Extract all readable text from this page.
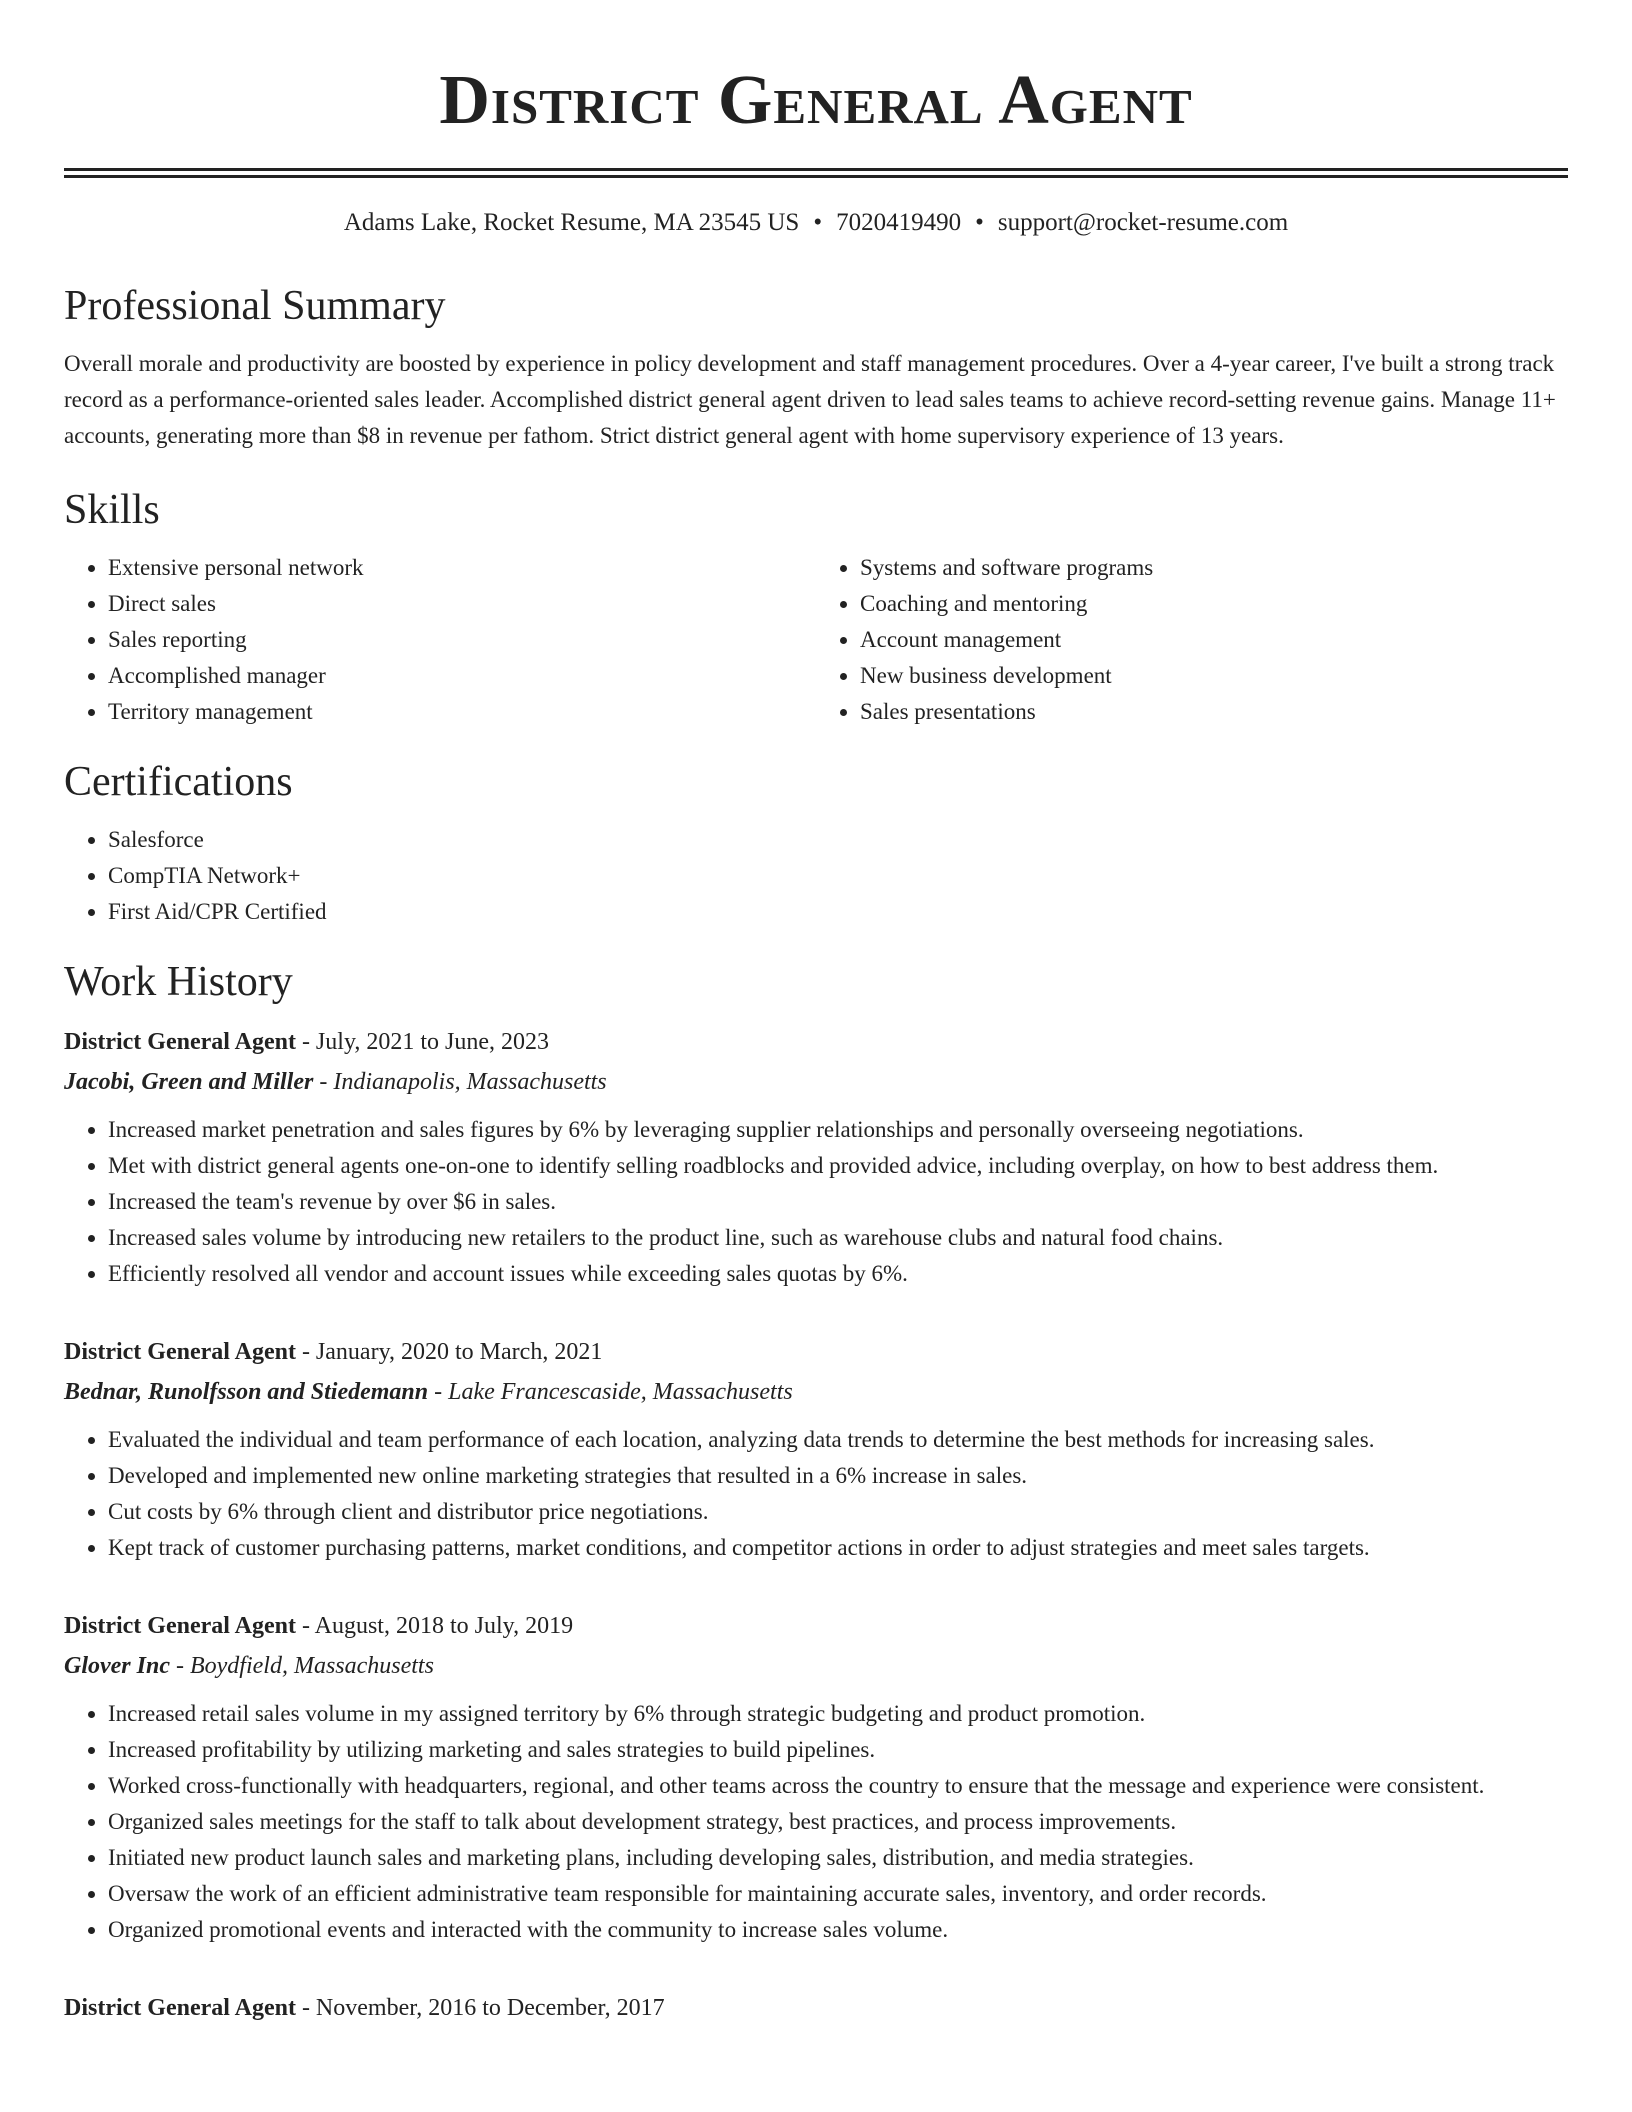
District General Agent
Adams Lake, Rocket Resume, MA 23545 US • 7020419490 • support@rocket-resume.com
Professional Summary

Overall morale and productivity are boosted by experience in policy development and staff management procedures. Over a 4-year career, I've built a strong track record as a performance-oriented sales leader. Accomplished district general agent driven to lead sales teams to achieve record-setting revenue gains. Manage 11+ accounts, generating more than $8 in revenue per fathom. Strict district general agent with home supervisory experience of 13 years.

Skills
• Extensive personal network
• Direct sales
• Sales reporting
• Accomplished manager
• Territory management
• Systems and software programs
• Coaching and mentoring
• Account management
• New business development
• Sales presentations
Certifications
• Salesforce
• CompTIA Network+
• First Aid/CPR Certified
Work History
District General Agent - July, 2021 to June, 2023
Jacobi, Green and Miller - Indianapolis, Massachusetts
• Increased market penetration and sales figures by 6% by leveraging supplier relationships and personally overseeing negotiations.
• Met with district general agents one-on-one to identify selling roadblocks and provided advice, including overplay, on how to best address them.
• Increased the team's revenue by over $6 in sales.
• Increased sales volume by introducing new retailers to the product line, such as warehouse clubs and natural food chains.
• Efficiently resolved all vendor and account issues while exceeding sales quotas by 6%.
District General Agent - January, 2020 to March, 2021
Bednar, Runolfsson and Stiedemann - Lake Francescaside, Massachusetts
• Evaluated the individual and team performance of each location, analyzing data trends to determine the best methods for increasing sales.
• Developed and implemented new online marketing strategies that resulted in a 6% increase in sales.
• Cut costs by 6% through client and distributor price negotiations.
• Kept track of customer purchasing patterns, market conditions, and competitor actions in order to adjust strategies and meet sales targets.
District General Agent - August, 2018 to July, 2019
Glover Inc - Boydfield, Massachusetts
• Increased retail sales volume in my assigned territory by 6% through strategic budgeting and product promotion.
• Increased profitability by utilizing marketing and sales strategies to build pipelines.
• Worked cross-functionally with headquarters, regional, and other teams across the country to ensure that the message and experience were consistent.
• Organized sales meetings for the staff to talk about development strategy, best practices, and process improvements.
• Initiated new product launch sales and marketing plans, including developing sales, distribution, and media strategies.
• Oversaw the work of an efficient administrative team responsible for maintaining accurate sales, inventory, and order records.
• Organized promotional events and interacted with the community to increase sales volume.
District General Agent - November, 2016 to December, 2017
